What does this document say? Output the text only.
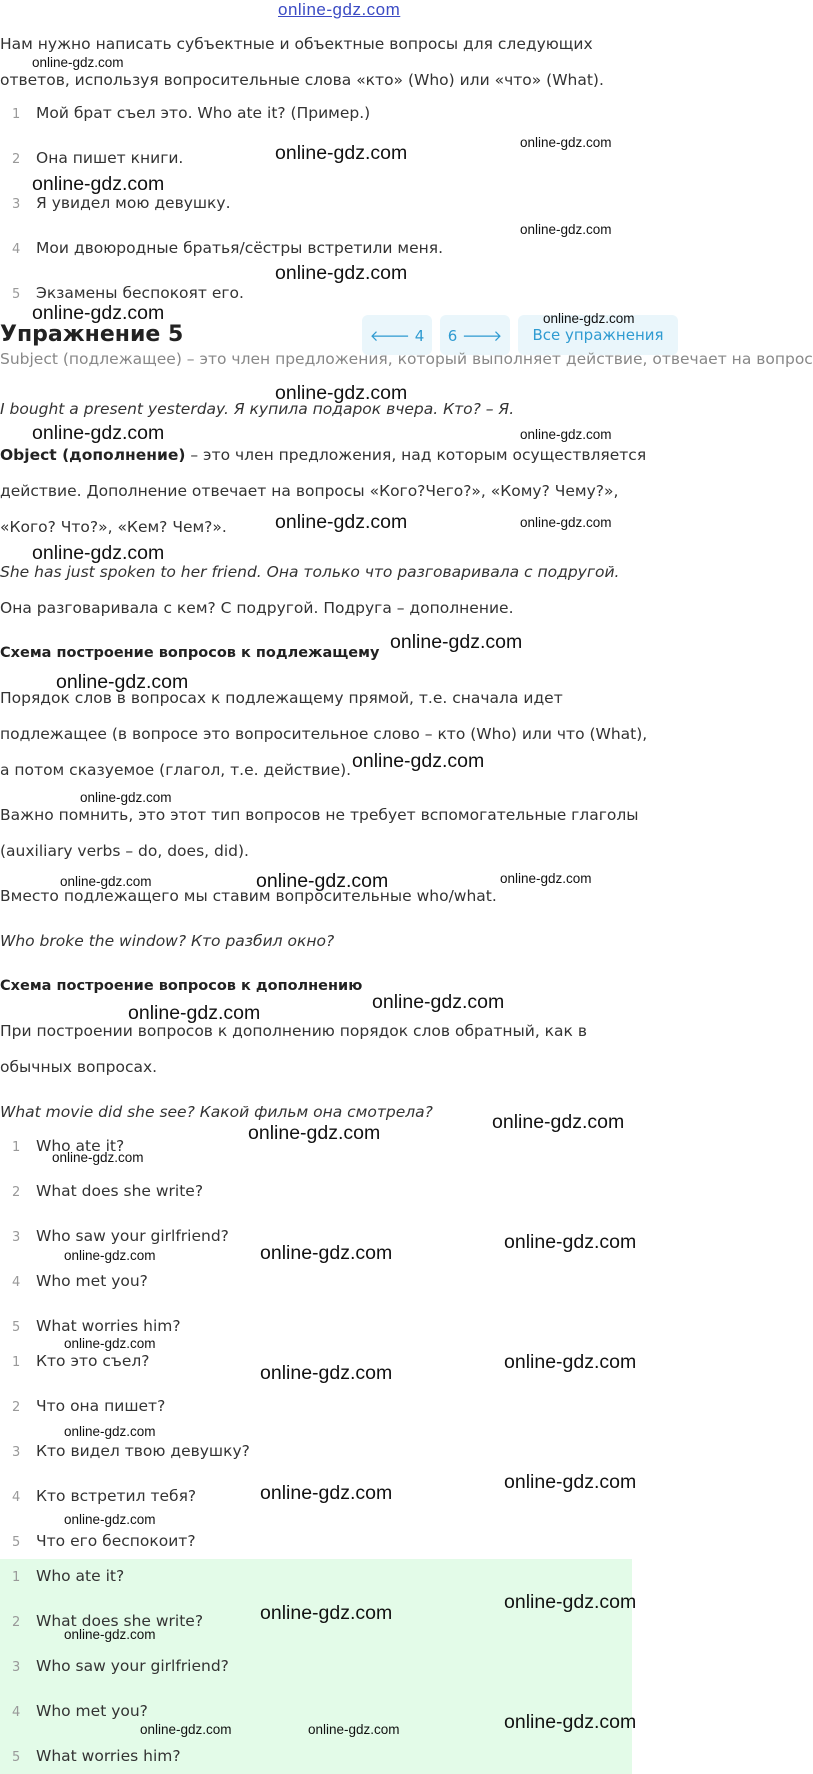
online-gdz.com
Нам нужно написать субъектные и объектные вопросы для следующих
ответов, используя вопросительные слова «кто» (Who) или «что» (What).
1 Мой брат съел это. Who ate it? (Пример.)
2 Она пишет книги.
3 Я увидел мою девушку.
4 Мои двоюродные братья/сёстры встретили меня.
5 Экзамены беспокоят его.
Упражнение 5	🡐 4	6 🡒	Все упражнения
Subject (подлежащее) – это член предложения, который выполняет действие, отвечает на вопрос
I bought a present yesterday. Я купила подарок вчера. Кто? – Я.
Object (дополнение) – это член предложения, над которым осуществляется
действие. Дополнение отвечает на вопросы «Кого?Чего?», «Кому? Чему?»,
«Кого? Что?», «Кем? Чем?».
She has just spoken to her friend. Она только что разговаривала с подругой.
Она разговаривала с кем? С подругой. Подруга – дополнение.
Схема построение вопросов к подлежащему
Порядок слов в вопросах к подлежащему прямой, т.е. сначала идет
подлежащее (в вопросе это вопросительное слово – кто (Who) или что (What),
а потом сказуемое (глагол, т.е. действие).
Важно помнить, это этот тип вопросов не требует вспомогательные глаголы
(auxiliary verbs – do, does, did).
Вместо подлежащего мы ставим вопросительные who/what.
Who broke the window? Кто разбил окно?
Схема построение вопросов к дополнению
При построении вопросов к дополнению порядок слов обратный, как в
обычных вопросах.
What movie did she see? Какой фильм она смотрела?
1 Who ate it?
2 What does she write?
3 Who saw your girlfriend?
4 Who met you?
5 What worries him?
1 Кто это съел?
2 Что она пишет?
3 Кто видел твою девушку?
4 Кто встретил тебя?
5 Что его беспокоит?
1 Who ate it?
2 What does she write?
3 Who saw your girlfriend?
4 Who met you?
5 What worries him?
online-gdz.com
online-gdz.com	online-gdz.com
online-gdz.com
online-gdz.com
online-gdz.com
online-gdz.com	online-gdz.com
online-gdz.com
online-gdz.com	online-gdz.com
online-gdz.com	online-gdz.com
online-gdz.com
online-gdz.com
online-gdz.com
online-gdz.com
online-gdz.com	online-gdz.com	online-gdz.com
online-gdz.com
online-gdz.com
online-gdz.com
online-gdz.com	online-gdz.com
online-gdz.com
online-gdz.com	online-gdz.com
online-gdz.com
online-gdz.com
online-gdz.com	online-gdz.com
online-gdz.com
online-gdz.com	online-gdz.com
online-gdz.com
online-gdz.com	online-gdz.com
online-gdz.com
online-gdz.com
online-gdz.com	online-gdz.com
